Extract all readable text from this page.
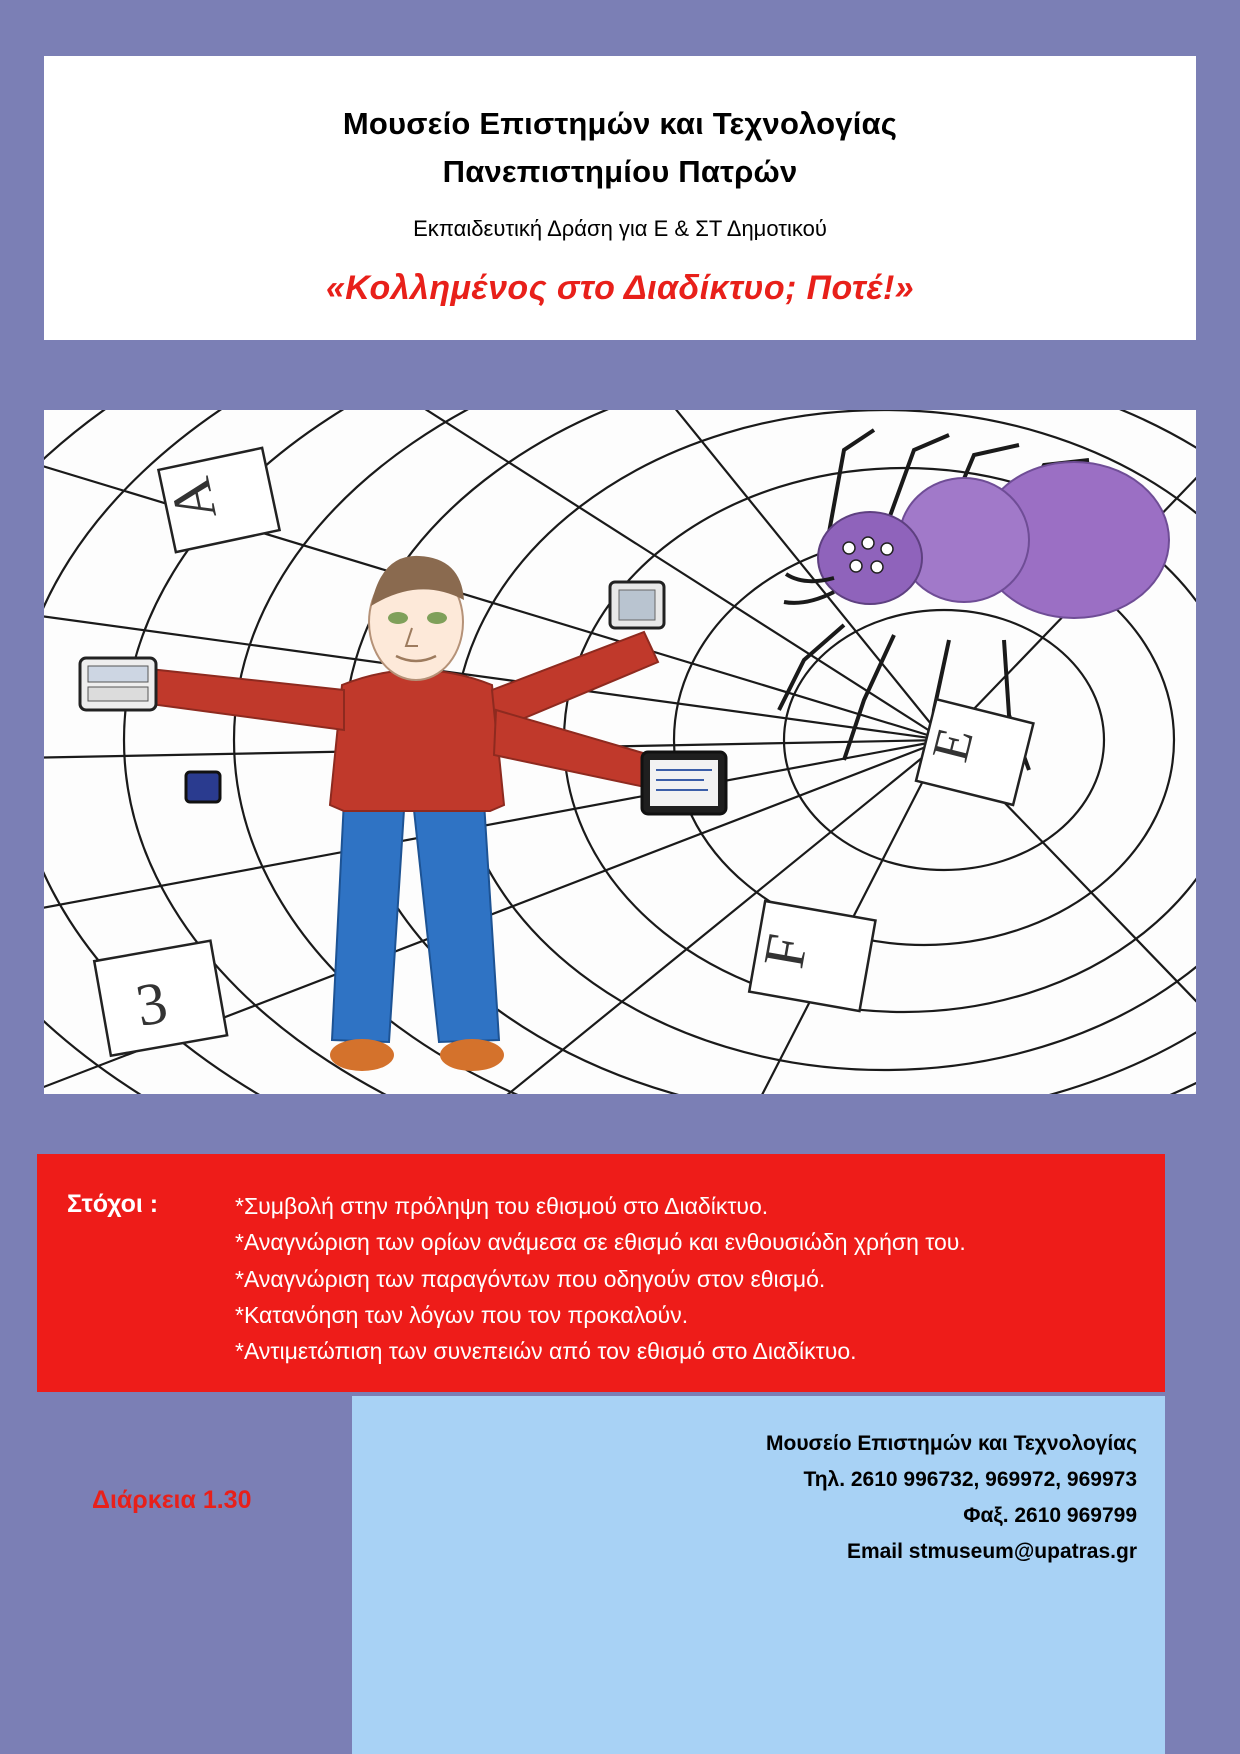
Μουσείο Επιστημών και Τεχνολογίας
Πανεπιστημίου Πατρών
Εκπαιδευτική Δράση για Ε & ΣΤ Δημοτικού
«Κολλημένος στο Διαδίκτυο; Ποτέ!»
A
E
F
3
Στόχοι :	*Συμβολή στην πρόληψη του εθισμού στο Διαδίκτυο.
*Αναγνώριση των ορίων ανάμεσα σε εθισμό και ενθουσιώδη χρήση του.
*Αναγνώριση των παραγόντων που οδηγούν στον εθισμό.
*Κατανόηση των λόγων που τον προκαλούν.
*Αντιμετώπιση των συνεπειών από τον εθισμό στο Διαδίκτυο.
Μουσείο Επιστημών και Τεχνολογίας
Τηλ. 2610 996732, 969972, 969973
Φαξ. 2610 969799
Email stmuseum@upatras.gr
Διάρκεια 1.30
